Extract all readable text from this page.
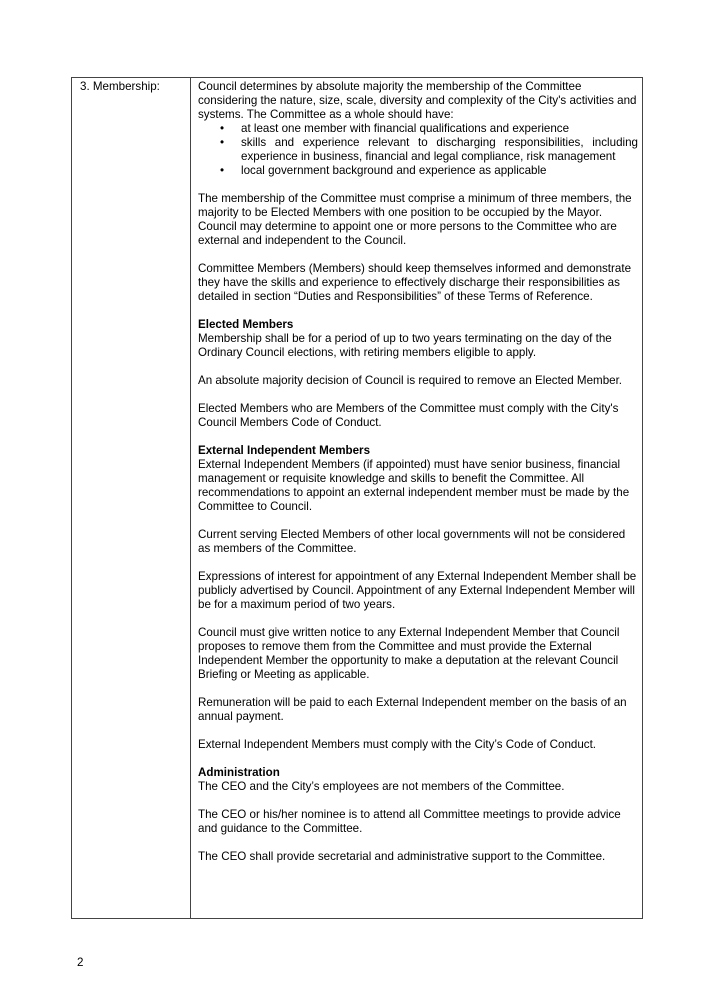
3. Membership:	Council determines by absolute majority the membership of the Committee considering the nature, size, scale, diversity and complexity of the City's activities and systems. The Committee as a whole should have:

• at least one member with financial qualifications and experience
• skills and experience relevant to discharging responsibilities, including experience in business, financial and legal compliance, risk management
• local government background and experience as applicable

The membership of the Committee must comprise a minimum of three members, the majority to be Elected Members with one position to be occupied by the Mayor. Council may determine to appoint one or more persons to the Committee who are external and independent to the Council.

Committee Members (Members) should keep themselves informed and demonstrate they have the skills and experience to effectively discharge their responsibilities as detailed in section “Duties and Responsibilities” of these Terms of Reference.

Elected Members

Membership shall be for a period of up to two years terminating on the day of the Ordinary Council elections, with retiring members eligible to apply.

An absolute majority decision of Council is required to remove an Elected Member.

Elected Members who are Members of the Committee must comply with the City's Council Members Code of Conduct.

External Independent Members

External Independent Members (if appointed) must have senior business, financial management or requisite knowledge and skills to benefit the Committee. All recommendations to appoint an external independent member must be made by the Committee to Council.

Current serving Elected Members of other local governments will not be considered as members of the Committee.

Expressions of interest for appointment of any External Independent Member shall be publicly advertised by Council. Appointment of any External Independent Member will be for a maximum period of two years.

Council must give written notice to any External Independent Member that Council proposes to remove them from the Committee and must provide the External Independent Member the opportunity to make a deputation at the relevant Council Briefing or Meeting as applicable.

Remuneration will be paid to each External Independent member on the basis of an annual payment.

External Independent Members must comply with the City’s Code of Conduct.

Administration

The CEO and the City’s employees are not members of the Committee.

The CEO or his/her nominee is to attend all Committee meetings to provide advice and guidance to the Committee.

The CEO shall provide secretarial and administrative support to the Committee.

2
